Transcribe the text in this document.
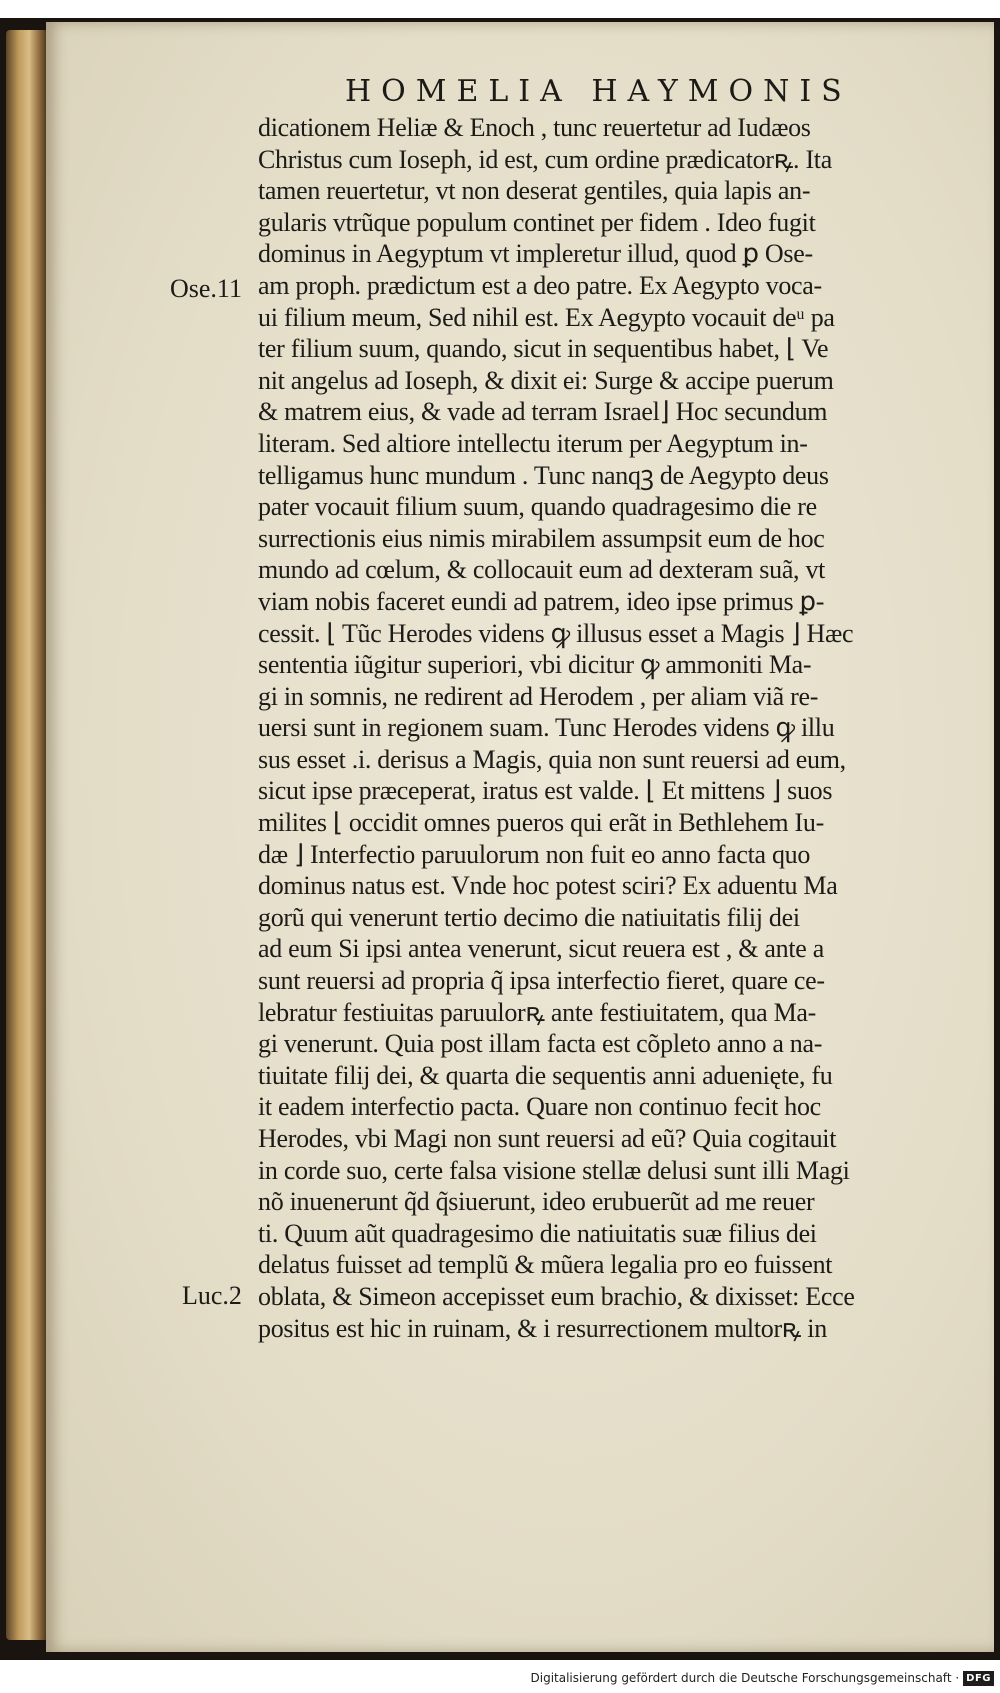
HOMELIA HAYMONIS
Ose.11
Luc.2
dicationem Heliæ & Enoch , tunc reuertetur ad Iudæos
Christus cum Ioseph, id est, cum ordine prædicatorꝶ. Ita
tamen reuertetur, vt non deserat gentiles, quia lapis an-
gularis vtrũque populum continet per fidem . Ideo fugit
dominus in Aegyptum vt impleretur illud, quod ꝑ Ose-
am proph. prædictum est a deo patre. Ex Aegypto voca-
ui filium meum, Sed nihil est. Ex Aegypto vocauit deᵘ pa
ter filium suum, quando, sicut in sequentibus habet, ⌊ Ve
nit angelus ad Ioseph, & dixit ei: Surge & accipe puerum
& matrem eius, & vade ad terram Israel⌋ Hoc secundum
literam. Sed altiore intellectu iterum per Aegyptum in-
telligamus hunc mundum . Tunc nanqꝫ de Aegypto deus
pater vocauit filium suum, quando quadragesimo die re
surrectionis eius nimis mirabilem assumpsit eum de hoc
mundo ad cœlum, & collocauit eum ad dexteram suã, vt
viam nobis faceret eundi ad patrem, ideo ipse primus ꝑ-
cessit. ⌊ Tũc Herodes videns ꝙ illusus esset a Magis ⌋ Hæc
sententia iũgitur superiori, vbi dicitur ꝙ ammoniti Ma-
gi in somnis, ne redirent ad Herodem , per aliam viã re-
uersi sunt in regionem suam. Tunc Herodes videns ꝙ illu
sus esset .i. derisus a Magis, quia non sunt reuersi ad eum,
sicut ipse præceperat, iratus est valde. ⌊ Et mittens ⌋ suos
milites ⌊ occidit omnes pueros qui erãt in Bethlehem Iu-
dæ ⌋ Interfectio paruulorum non fuit eo anno facta quo
dominus natus est. Vnde hoc potest sciri? Ex aduentu Ma
gorũ qui venerunt tertio decimo die natiuitatis filij dei
ad eum Si ipsi antea venerunt, sicut reuera est , & ante a
sunt reuersi ad propria q̃ ipsa interfectio fieret, quare ce-
lebratur festiuitas paruulorꝶ ante festiuitatem, qua Ma-
gi venerunt. Quia post illam facta est cõpleto anno a na-
tiuitate filij dei, & quarta die sequentis anni aduenięte, fu
it eadem interfectio pacta. Quare non continuo fecit hoc
Herodes, vbi Magi non sunt reuersi ad eũ? Quia cogitauit
in corde suo, certe falsa visione stellæ delusi sunt illi Magi
nõ inuenerunt q̃d q̃siuerunt, ideo erubuerũt ad me reuer
ti. Quum aũt quadragesimo die natiuitatis suæ filius dei
delatus fuisset ad templũ & mũera legalia pro eo fuissent
oblata, & Simeon accepisset eum brachio, & dixisset: Ecce
positus est hic in ruinam, & i resurrectionem multorꝶ in
Digitalisierung gefördert durch die Deutsche Forschungsgemeinschaft · DFG
